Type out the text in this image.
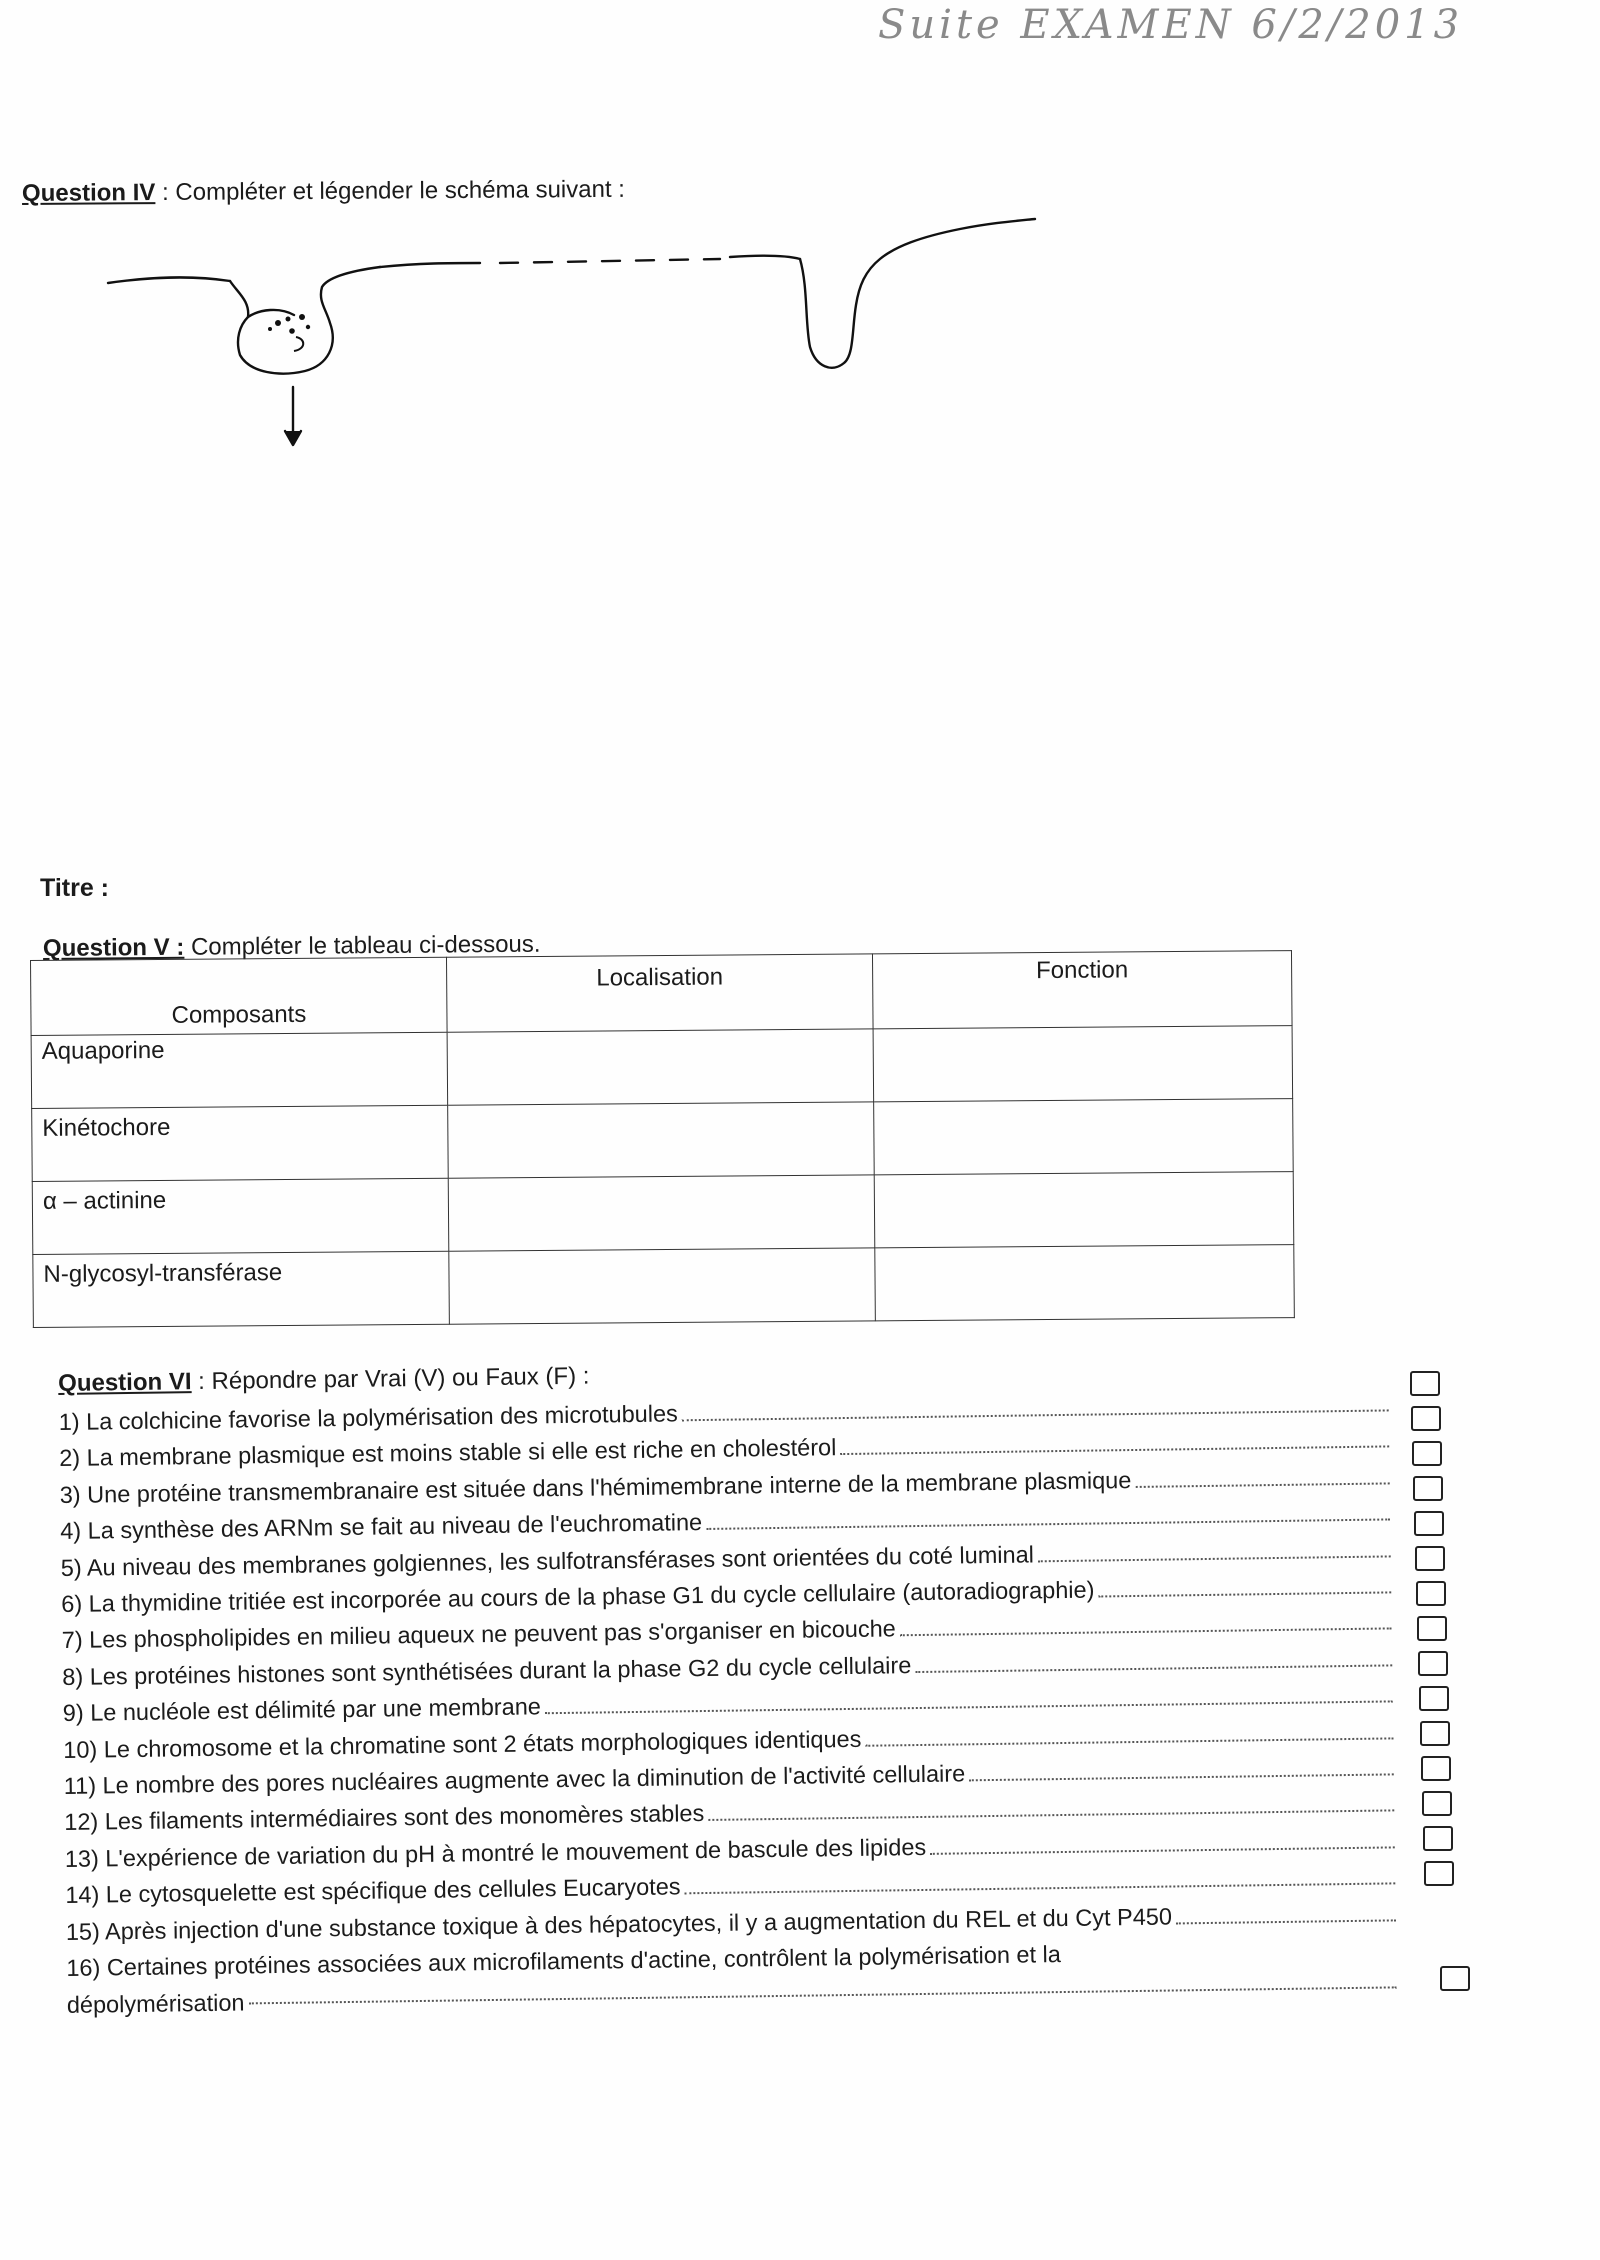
Suite EXAMEN 6/2/2013
Question IV : Compléter et légender le schéma suivant :
Titre :
Question V : Compléter le tableau ci-dessous.
Composants	Localisation	Fonction
Aquaporine		
Kinétochore		
α – actinine		
N-glycosyl-transférase		
Question VI : Répondre par Vrai (V) ou Faux (F) :
1) La colchicine favorise la polymérisation des microtubules
2) La membrane plasmique est moins stable si elle est riche en cholestérol
3) Une protéine transmembranaire est située dans l'hémimembrane interne de la membrane plasmique
4) La synthèse des ARNm se fait au niveau de l'euchromatine
5) Au niveau des membranes golgiennes, les sulfotransférases sont orientées du coté luminal
6) La thymidine tritiée est incorporée au cours de la phase G1 du cycle cellulaire (autoradiographie)
7) Les phospholipides en milieu aqueux ne peuvent pas s'organiser en bicouche
8) Les protéines histones sont synthétisées durant la phase G2 du cycle cellulaire
9) Le nucléole est délimité par une membrane
10) Le chromosome et la chromatine sont 2 états morphologiques identiques
11) Le nombre des pores nucléaires augmente avec la diminution de l'activité cellulaire
12) Les filaments intermédiaires sont des monomères stables
13) L'expérience de variation du pH à montré le mouvement de bascule des lipides
14) Le cytosquelette est spécifique des cellules Eucaryotes
15) Après injection d'une substance toxique à des hépatocytes, il y a augmentation du REL et du Cyt P450
16) Certaines protéines associées aux microfilaments d'actine, contrôlent la polymérisation et la
dépolymérisation
